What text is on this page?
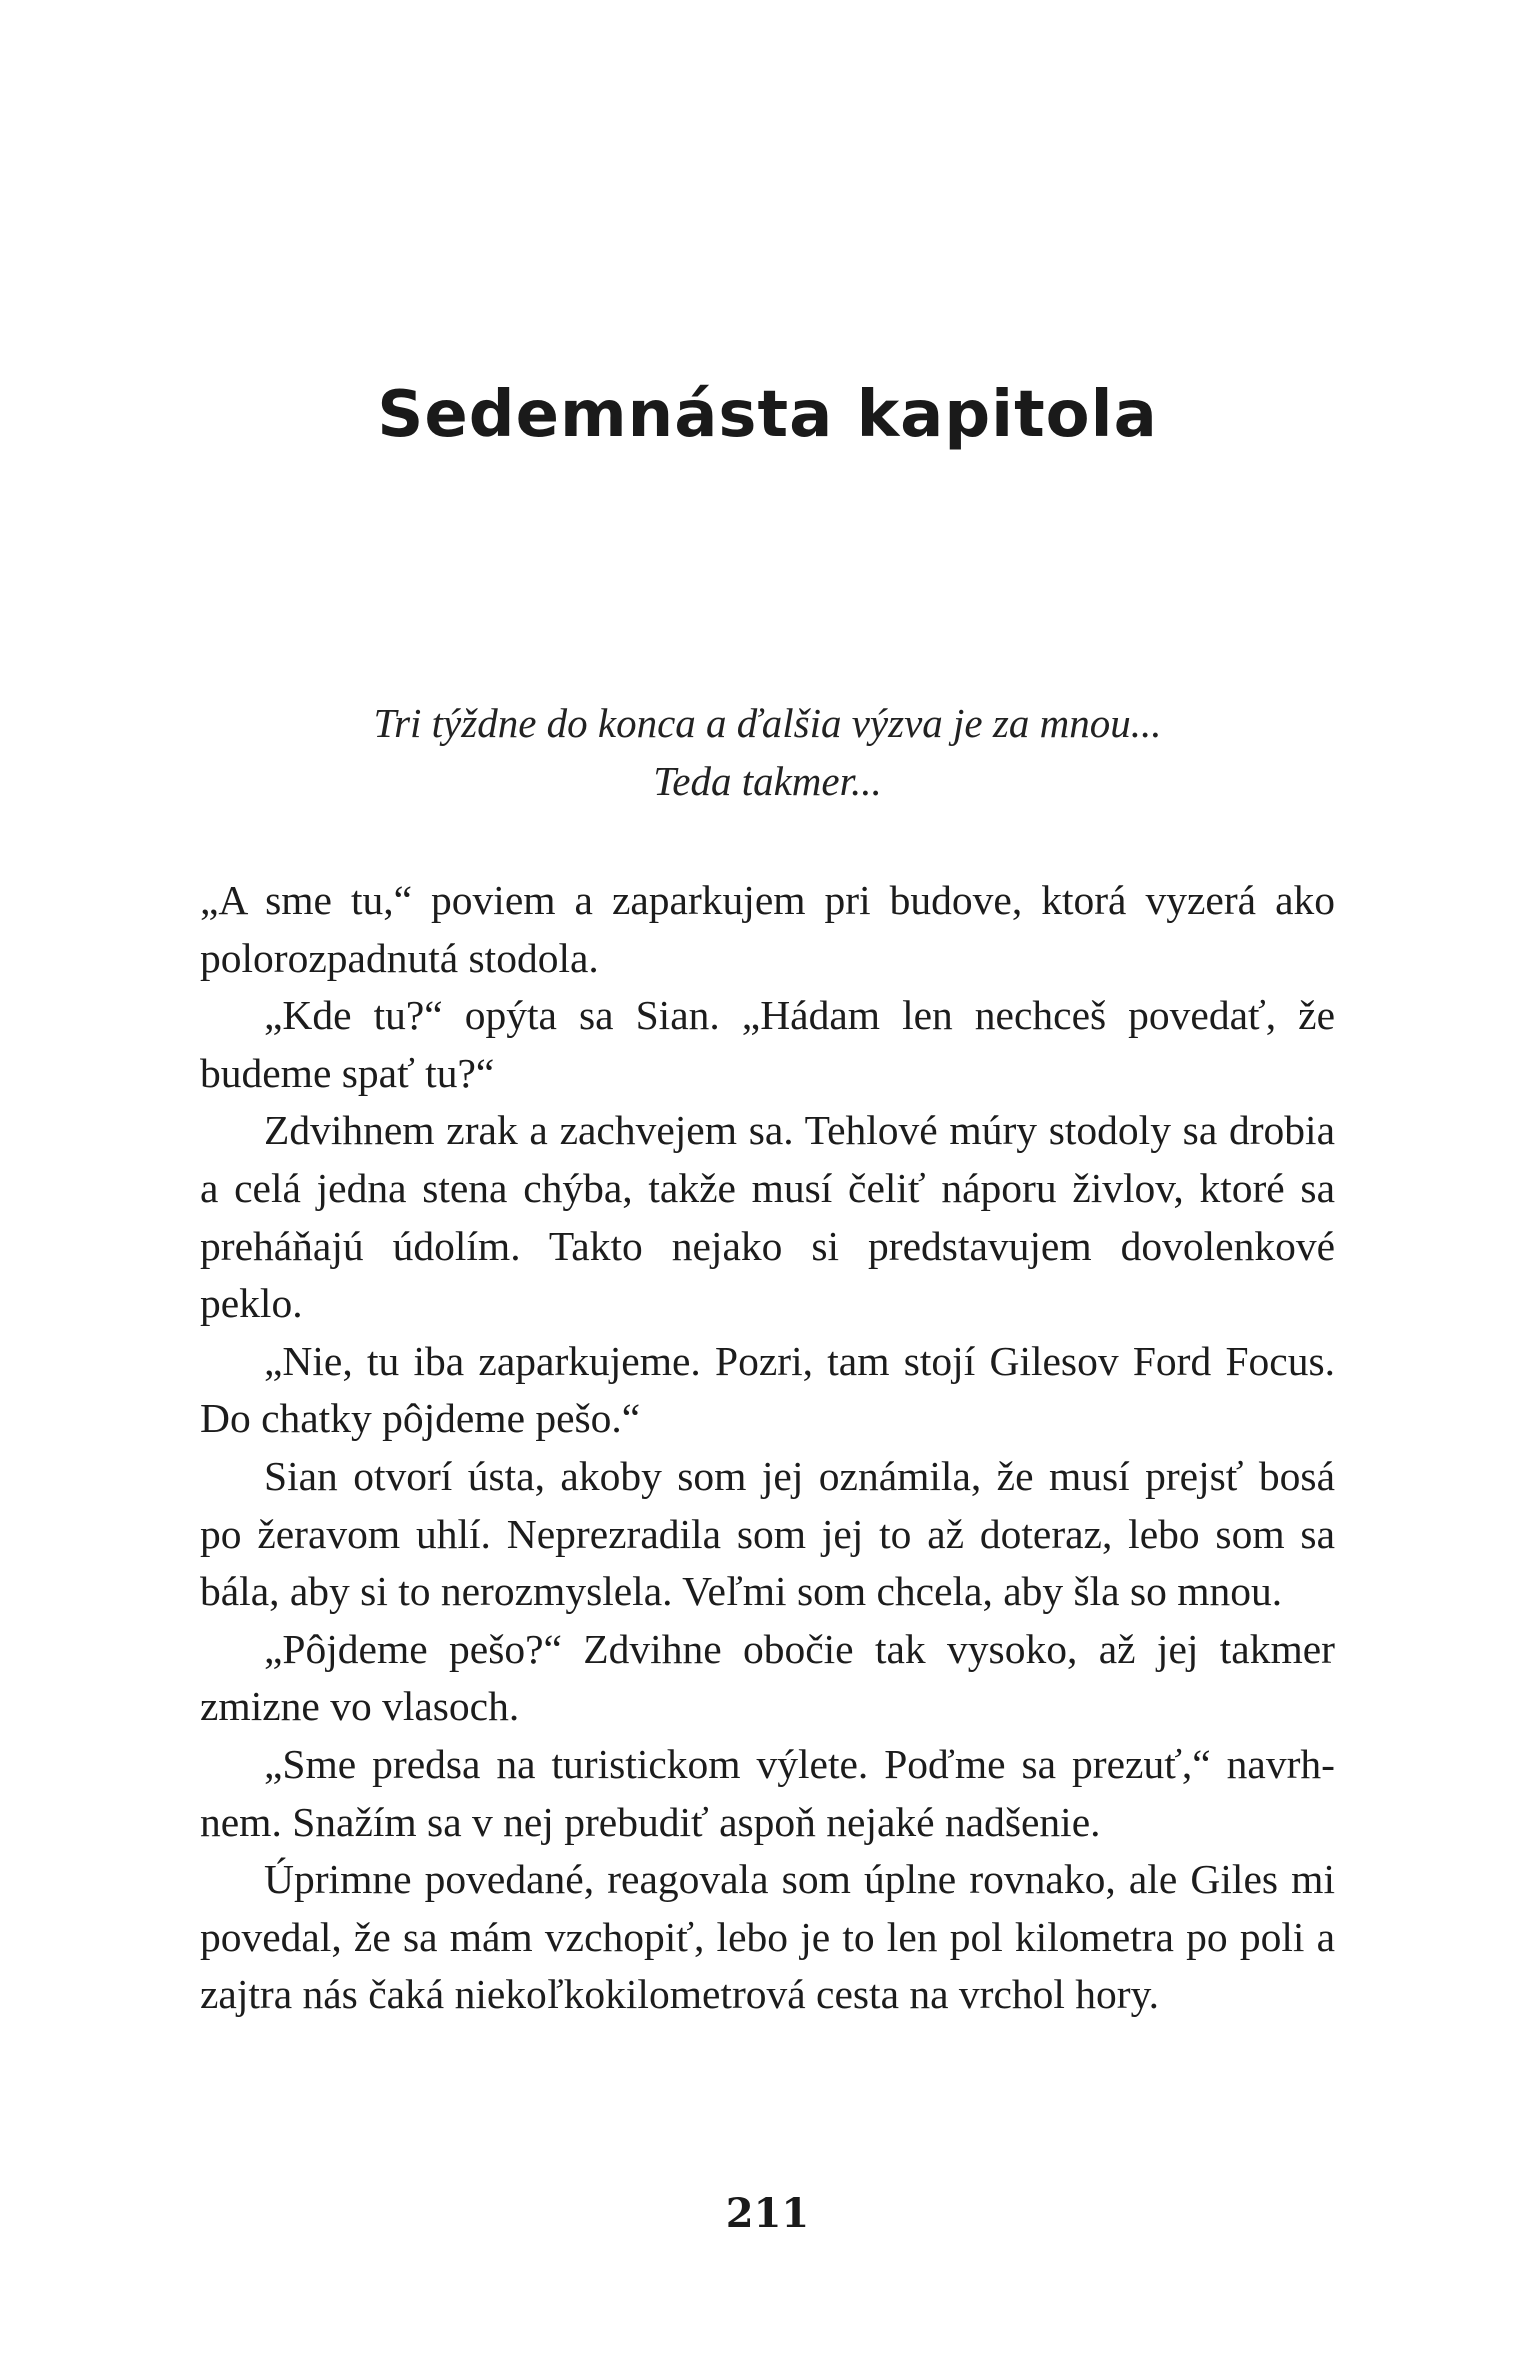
Sedemnásta kapitola
Tri týždne do konca a ďalšia výzva je za mnou...
Teda takmer...

„A sme tu,“ poviem a zaparkujem pri budove, ktorá vyzerá ako polorozpadnutá stodola.

„Kde tu?“ opýta sa Sian. „Hádam len nechceš povedať, že budeme spať tu?“

Zdvihnem zrak a zachvejem sa. Tehlové múry stodoly sa drobia a celá jedna stena chýba, takže musí čeliť náporu živlov, ktoré sa preháňajú údolím. Takto nejako si predstavujem dovolenkové peklo.

„Nie, tu iba zaparkujeme. Pozri, tam stojí Gilesov Ford Focus. Do chatky pôjdeme pešo.“

Sian otvorí ústa, akoby som jej oznámila, že musí prejsť bosá po žeravom uhlí. Neprezradila som jej to až doteraz, lebo som sa bála, aby si to nerozmyslela. Veľmi som chcela, aby šla so mnou.

„Pôjdeme pešo?“ Zdvihne obočie tak vysoko, až jej takmer zmizne vo vlasoch.

„Sme predsa na turistickom výlete. Poďme sa prezuť,“ navrhnem. Snažím sa v nej prebudiť aspoň nejaké nadšenie.

Úprimne povedané, reagovala som úplne rovnako, ale Giles mi povedal, že sa mám vzchopiť, lebo je to len pol kilometra po poli a zajtra nás čaká niekoľkokilometrová cesta na vrchol hory.

211
